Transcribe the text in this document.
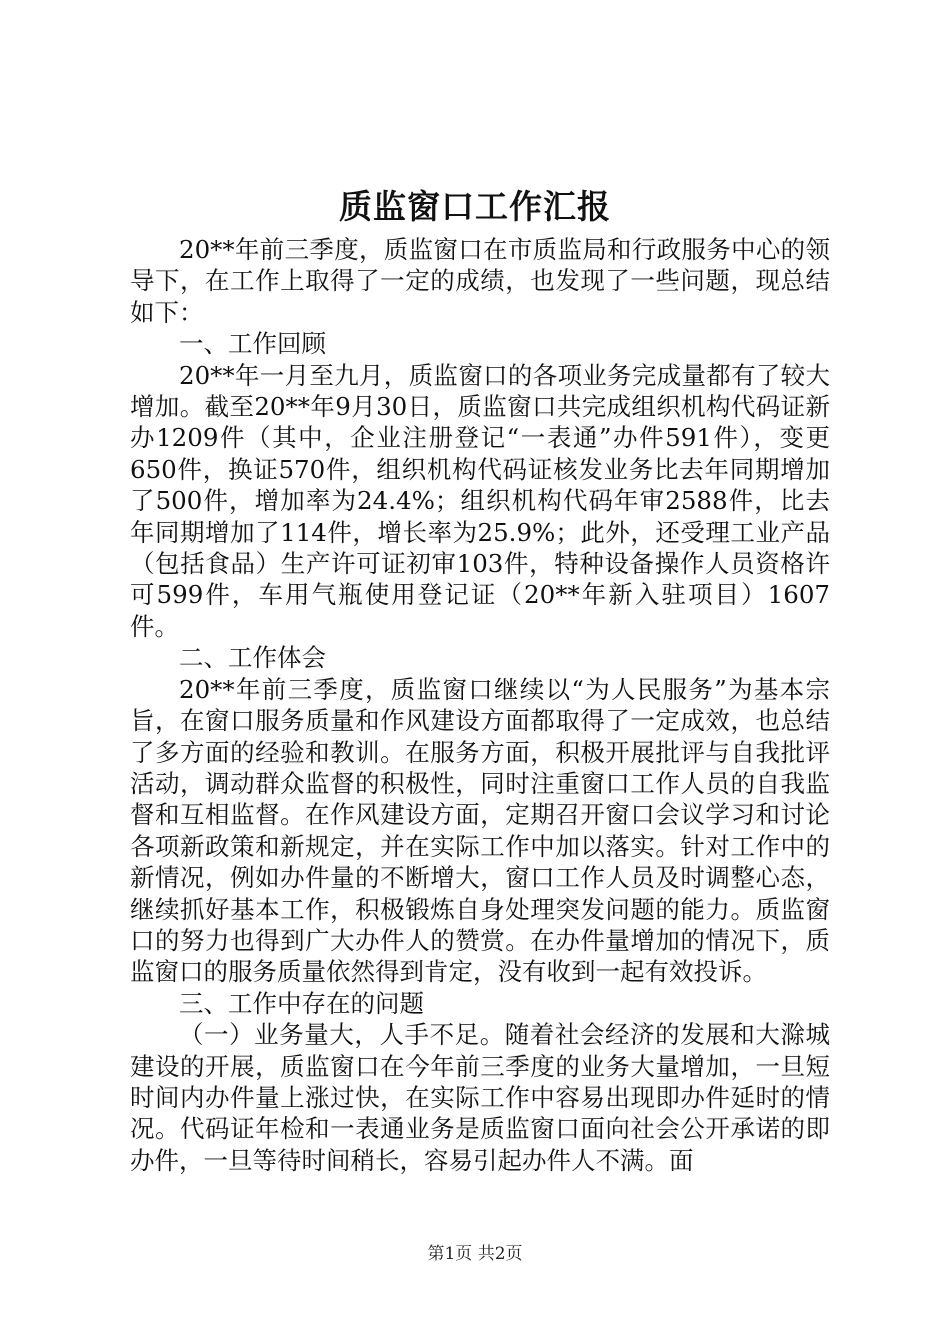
质监窗口工作汇报

20**年前三季度，质监窗口在市质监局和行政服务中心的领导下，在工作上取得了一定的成绩，也发现了一些问题，现总结如下：

一、工作回顾

20**年一月至九月，质监窗口的各项业务完成量都有了较大增加。截至20**年9月30日，质监窗口共完成组织机构代码证新办1209件（其中，企业注册登记“一表通”办件591件），变更650件，换证570件，组织机构代码证核发业务比去年同期增加了500件，增加率为24.4%；组织机构代码年审2588件，比去年同期增加了114件，增长率为25.9%；此外，还受理工业产品（包括食品）生产许可证初审103件，特种设备操作人员资格许可599件，车用气瓶使用登记证（20**年新入驻项目）1607件。

二、工作体会

20**年前三季度，质监窗口继续以“为人民服务”为基本宗旨，在窗口服务质量和作风建设方面都取得了一定成效，也总结了多方面的经验和教训。在服务方面，积极开展批评与自我批评活动，调动群众监督的积极性，同时注重窗口工作人员的自我监督和互相监督。在作风建设方面，定期召开窗口会议学习和讨论各项新政策和新规定，并在实际工作中加以落实。针对工作中的新情况，例如办件量的不断增大，窗口工作人员及时调整心态，继续抓好基本工作，积极锻炼自身处理突发问题的能力。质监窗口的努力也得到广大办件人的赞赏。在办件量增加的情况下，质监窗口的服务质量依然得到肯定，没有收到一起有效投诉。

三、工作中存在的问题

（一）业务量大，人手不足。随着社会经济的发展和大滁城建设的开展，质监窗口在今年前三季度的业务大量增加，一旦短时间内办件量上涨过快，在实际工作中容易出现即办件延时的情况。代码证年检和一表通业务是质监窗口面向社会公开承诺的即办件，一旦等待时间稍长，容易引起办件人不满。面

第1页 共2页
